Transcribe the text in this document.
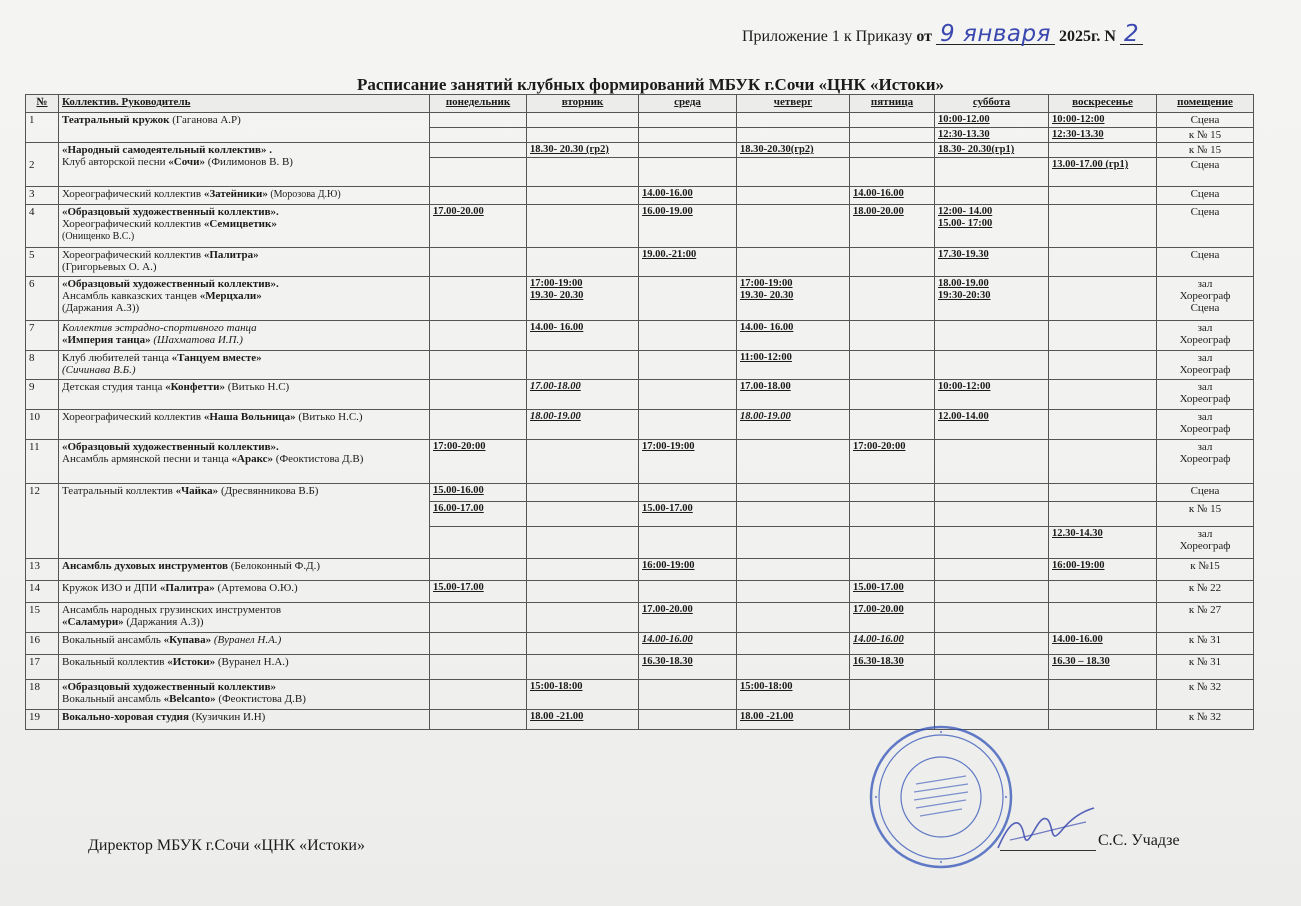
Приложение 1 к Приказу от 9 января 2025г. N 2
Расписание занятий клубных формирований МБУК г.Сочи «ЦНК «Истоки»
№	Коллектив. Руководитель	понедельник	вторник	среда	четверг	пятница	суббота	воскресенье	помещение
1	Театральный кружок (Гаганова А.Р)						10:00-12.00	10:00-12:00	Сцена
							12:30-13.30	12:30-13.30	к № 15
2	«Народный самодеятельный коллектив» .
Клуб авторской песни «Сочи» (Филимонов В. В)		18.30- 20.30 (гр2)		18.30-20.30(гр2)		18.30- 20.30(гр1)		к № 15
								13.00-17.00 (гр1)	Сцена
3	Хореографический коллектив «Затейники» (Морозова Д.Ю)			14.00-16.00		14.00-16.00			Сцена
4	«Образцовый художественный коллектив».
Хореографический коллектив «Семицветик»
(Онищенко В.С.)	17.00-20.00		16.00-19.00		18.00-20.00	12:00- 14.00
15.00- 17:00		Сцена
5	Хореографический коллектив «Палитра»
(Григорьевых О. А.)			19.00.-21:00			17.30-19.30		Сцена
6	«Образцовый художественный коллектив».
Ансамбль кавказских танцев «Мерцхали»
(Даржания А.З))		17:00-19:00
19.30- 20.30		17:00-19:00
19.30- 20.30		18.00-19.00
19:30-20:30		зал
Хореограф
Сцена
7	Коллектив эстрадно-спортивного танца
«Империя танца» (Шахматова И.П.)		14.00- 16.00		14.00- 16.00				зал
Хореограф
8	Клуб любителей танца «Танцуем вместе»
(Сичинава В.Б.)				11:00-12:00				зал
Хореограф
9	Детская студия танца «Конфетти» (Витько Н.С)		17.00-18.00		17.00-18.00		10:00-12:00		зал
Хореограф
10	Хореографический коллектив «Наша Вольница» (Витько Н.С.)		18.00-19.00		18.00-19.00		12.00-14.00		зал
Хореограф
11	«Образцовый художественный коллектив».
Ансамбль армянской песни и танца «Аракс» (Феоктистова Д.В)	17:00-20:00		17:00-19:00		17:00-20:00			зал
Хореограф
12	Театральный коллектив «Чайка» (Дресвянникова В.Б)	15.00-16.00							Сцена
		16.00-17.00		15.00-17.00					к № 15
								12.30-14.30	зал
Хореограф
13	Ансамбль духовых инструментов (Белоконный Ф.Д.)			16:00-19:00				16:00-19:00	к №15
14	Кружок ИЗО и ДПИ «Палитра» (Артемова О.Ю.)	15.00-17.00				15.00-17.00			к № 22
15	Ансамбль народных грузинских инструментов
«Саламури» (Даржания А.З))			17.00-20.00		17.00-20.00			к № 27
16	Вокальный ансамбль «Купава» (Вуранел Н.А.)			14.00-16.00		14.00-16.00		14.00-16.00	к № 31
17	Вокальный коллектив «Истоки» (Вуранел Н.А.)			16.30-18.30		16.30-18.30		16.30 – 18.30	к № 31
18	«Образцовый художественный коллектив»
Вокальный ансамбль «Belcanto» (Феоктистова Д.В)		15:00-18:00		15:00-18:00				к № 32
19	Вокально-хоровая студия (Кузичкин И.Н)		18.00 -21.00		18.00 -21.00				к № 32
Директор МБУК г.Сочи «ЦНК «Истоки»	С.С. Учадзе
